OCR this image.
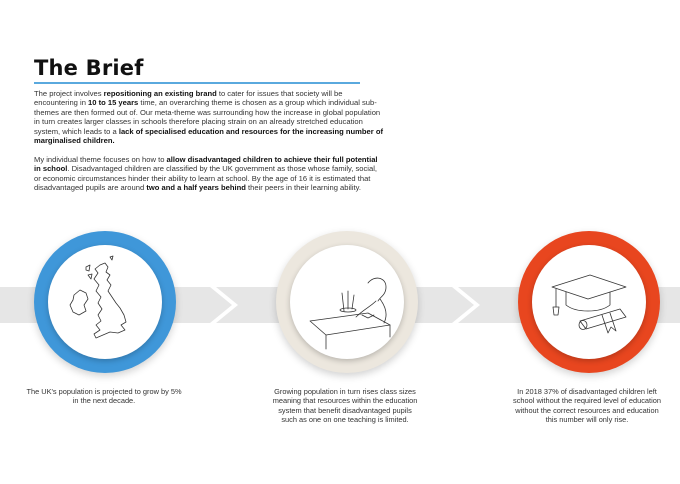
The Brief

The project involves repositioning an existing brand to cater for issues that society will be encountering in 10 to 15 years time, an overarching theme is chosen as a group which individual sub-themes are then formed out of. Our meta-theme was surrounding how the increase in global population in turn creates larger classes in schools therefore placing strain on an already stretched education system, which leads to a lack of specialised education and resources for the increasing number of marginalised children.

My individual theme focuses on how to allow disadvantaged children to achieve their full potential in school. Disadvantaged children are classified by the UK government as those whose family, social, or economic circumstances hinder their ability to learn at school. By the age of 16 it is estimated that disadvantaged pupils are around two and a half years behind their peers in their learning ability.

The UK's population is projected to grow by 5% in the next decade.

Growing population in turn rises class sizes meaning that resources within the education system that benefit disadvantaged pupils such as one on one teaching is limited.

In 2018 37% of disadvantaged children left school without the required level of education without the correct resources and education this number will only rise.
